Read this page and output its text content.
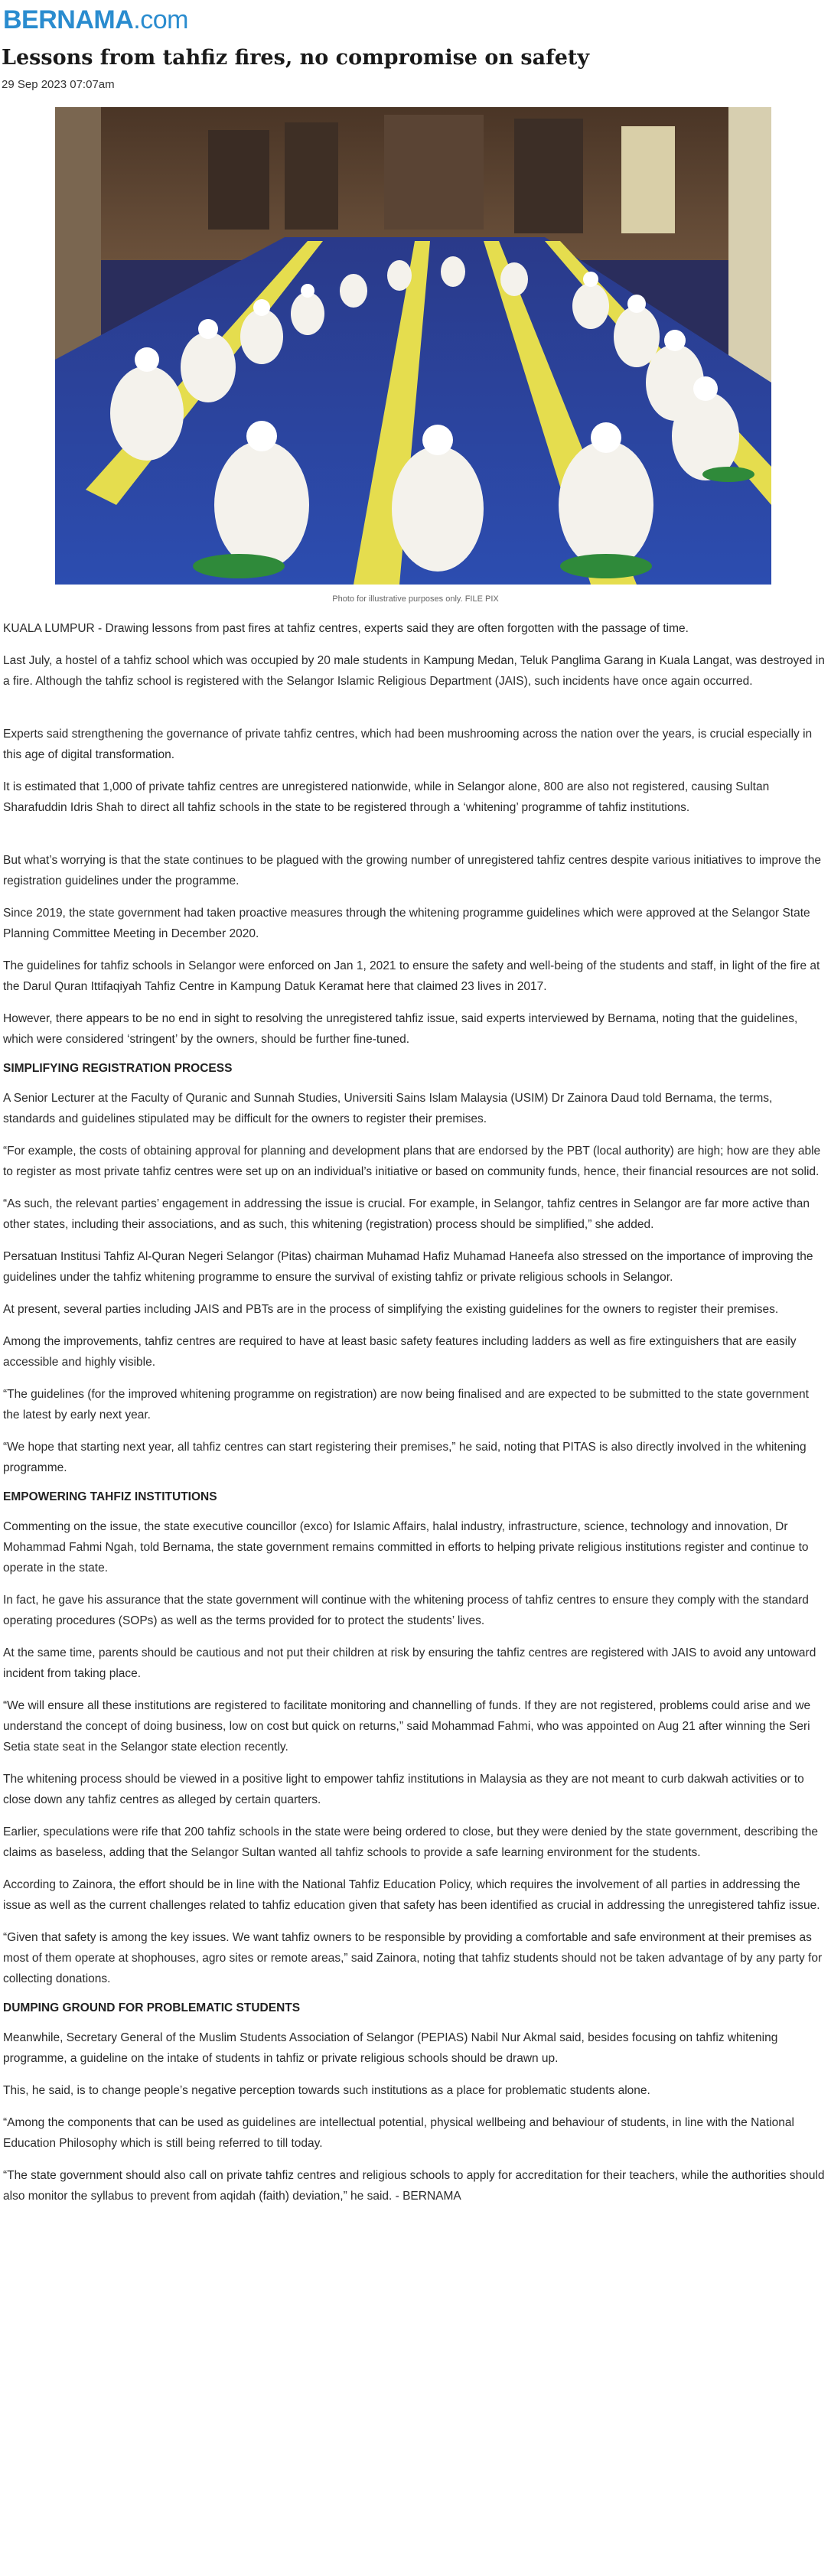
BERNAMA.com
Lessons from tahfiz fires, no compromise on safety
29 Sep 2023 07:07am
Photo for illustrative purposes only. FILE PIX

KUALA LUMPUR - Drawing lessons from past fires at tahfiz centres, experts said they are often forgotten with the passage of time.

Last July, a hostel of a tahfiz school which was occupied by 20 male students in Kampung Medan, Teluk Panglima Garang in Kuala Langat, was destroyed in a fire. Although the tahfiz school is registered with the Selangor Islamic Religious Department (JAIS), such incidents have once again occurred.

Experts said strengthening the governance of private tahfiz centres, which had been mushrooming across the nation over the years, is crucial especially in this age of digital transformation.

It is estimated that 1,000 of private tahfiz centres are unregistered nationwide, while in Selangor alone, 800 are also not registered, causing Sultan Sharafuddin Idris Shah to direct all tahfiz schools in the state to be registered through a ‘whitening’ programme of tahfiz institutions.

But what’s worrying is that the state continues to be plagued with the growing number of unregistered tahfiz centres despite various initiatives to improve the registration guidelines under the programme.

Since 2019, the state government had taken proactive measures through the whitening programme guidelines which were approved at the Selangor State Planning Committee Meeting in December 2020.

The guidelines for tahfiz schools in Selangor were enforced on Jan 1, 2021 to ensure the safety and well-being of the students and staff, in light of the fire at the Darul Quran Ittifaqiyah Tahfiz Centre in Kampung Datuk Keramat here that claimed 23 lives in 2017.

However, there appears to be no end in sight to resolving the unregistered tahfiz issue, said experts interviewed by Bernama, noting that the guidelines, which were considered ‘stringent’ by the owners, should be further fine-tuned.

SIMPLIFYING REGISTRATION PROCESS

A Senior Lecturer at the Faculty of Quranic and Sunnah Studies, Universiti Sains Islam Malaysia (USIM) Dr Zainora Daud told Bernama, the terms, standards and guidelines stipulated may be difficult for the owners to register their premises.

“For example, the costs of obtaining approval for planning and development plans that are endorsed by the PBT (local authority) are high; how are they able to register as most private tahfiz centres were set up on an individual’s initiative or based on community funds, hence, their financial resources are not solid.

“As such, the relevant parties’ engagement in addressing the issue is crucial. For example, in Selangor, tahfiz centres in Selangor are far more active than other states, including their associations, and as such, this whitening (registration) process should be simplified,” she added.

Persatuan Institusi Tahfiz Al-Quran Negeri Selangor (Pitas) chairman Muhamad Hafiz Muhamad Haneefa also stressed on the importance of improving the guidelines under the tahfiz whitening programme to ensure the survival of existing tahfiz or private religious schools in Selangor.

At present, several parties including JAIS and PBTs are in the process of simplifying the existing guidelines for the owners to register their premises.

Among the improvements, tahfiz centres are required to have at least basic safety features including ladders as well as fire extinguishers that are easily accessible and highly visible.

“The guidelines (for the improved whitening programme on registration) are now being finalised and are expected to be submitted to the state government the latest by early next year.

“We hope that starting next year, all tahfiz centres can start registering their premises,” he said, noting that PITAS is also directly involved in the whitening programme.

EMPOWERING TAHFIZ INSTITUTIONS

Commenting on the issue, the state executive councillor (exco) for Islamic Affairs, halal industry, infrastructure, science, technology and innovation, Dr Mohammad Fahmi Ngah, told Bernama, the state government remains committed in efforts to helping private religious institutions register and continue to operate in the state.

In fact, he gave his assurance that the state government will continue with the whitening process of tahfiz centres to ensure they comply with the standard operating procedures (SOPs) as well as the terms provided for to protect the students’ lives.

At the same time, parents should be cautious and not put their children at risk by ensuring the tahfiz centres are registered with JAIS to avoid any untoward incident from taking place.

“We will ensure all these institutions are registered to facilitate monitoring and channelling of funds. If they are not registered, problems could arise and we understand the concept of doing business, low on cost but quick on returns,” said Mohammad Fahmi, who was appointed on Aug 21 after winning the Seri Setia state seat in the Selangor state election recently.

The whitening process should be viewed in a positive light to empower tahfiz institutions in Malaysia as they are not meant to curb dakwah activities or to close down any tahfiz centres as alleged by certain quarters.

Earlier, speculations were rife that 200 tahfiz schools in the state were being ordered to close, but they were denied by the state government, describing the claims as baseless, adding that the Selangor Sultan wanted all tahfiz schools to provide a safe learning environment for the students.

According to Zainora, the effort should be in line with the National Tahfiz Education Policy, which requires the involvement of all parties in addressing the issue as well as the current challenges related to tahfiz education given that safety has been identified as crucial in addressing the unregistered tahfiz issue.

“Given that safety is among the key issues. We want tahfiz owners to be responsible by providing a comfortable and safe environment at their premises as most of them operate at shophouses, agro sites or remote areas,” said Zainora, noting that tahfiz students should not be taken advantage of by any party for collecting donations.

DUMPING GROUND FOR PROBLEMATIC STUDENTS

Meanwhile, Secretary General of the Muslim Students Association of Selangor (PEPIAS) Nabil Nur Akmal said, besides focusing on tahfiz whitening programme, a guideline on the intake of students in tahfiz or private religious schools should be drawn up.

This, he said, is to change people’s negative perception towards such institutions as a place for problematic students alone.

“Among the components that can be used as guidelines are intellectual potential, physical wellbeing and behaviour of students, in line with the National Education Philosophy which is still being referred to till today.

“The state government should also call on private tahfiz centres and religious schools to apply for accreditation for their teachers, while the authorities should also monitor the syllabus to prevent from aqidah (faith) deviation,” he said. - BERNAMA
